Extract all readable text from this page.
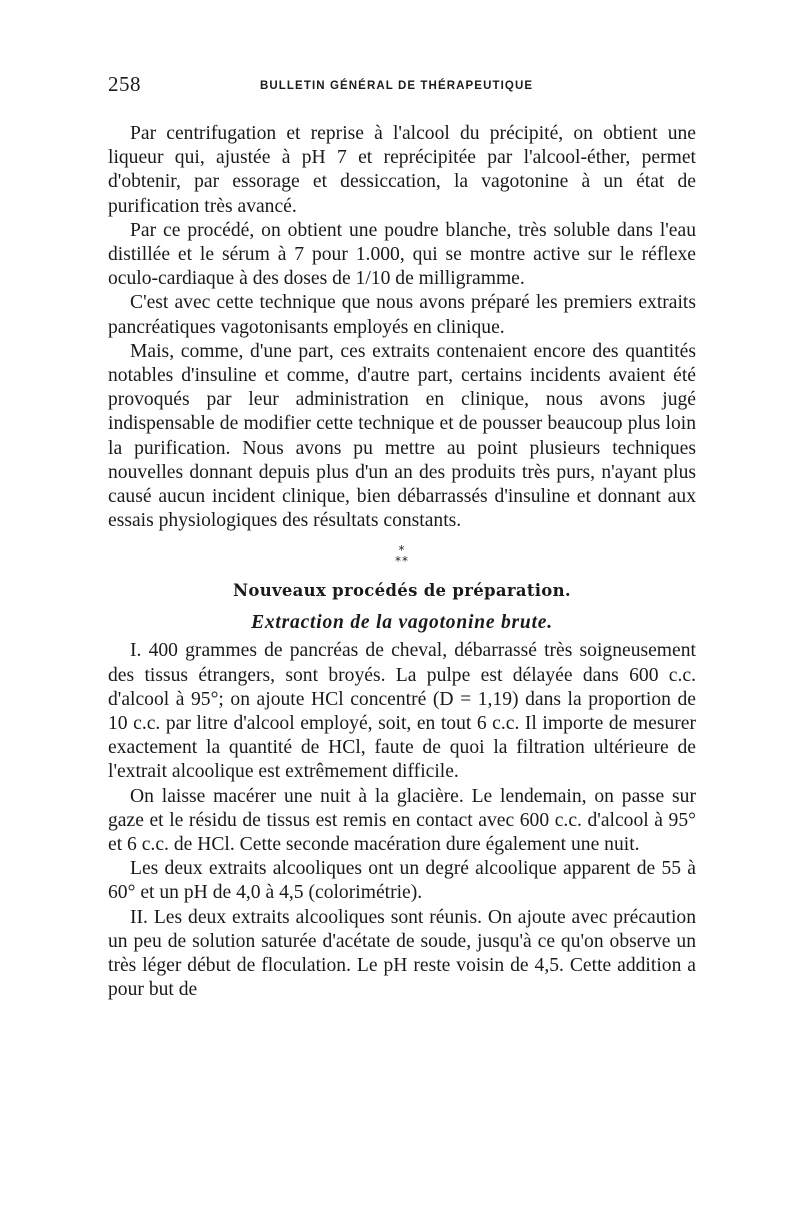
258	BULLETIN GÉNÉRAL DE THÉRAPEUTIQUE

Par centrifugation et reprise à l'alcool du précipité, on obtient une liqueur qui, ajustée à pH 7 et reprécipitée par l'alcool-éther, permet d'obtenir, par essorage et dessiccation, la vagotonine à un état de purification très avancé.

Par ce procédé, on obtient une poudre blanche, très soluble dans l'eau distillée et le sérum à 7 pour 1.000, qui se montre active sur le réflexe oculo-cardiaque à des doses de 1/10 de milligramme.

C'est avec cette technique que nous avons préparé les premiers extraits pancréatiques vagotonisants employés en clinique.

Mais, comme, d'une part, ces extraits contenaient encore des quantités notables d'insuline et comme, d'autre part, certains incidents avaient été provoqués par leur administration en clinique, nous avons jugé indispensable de modifier cette technique et de pousser beaucoup plus loin la purification. Nous avons pu mettre au point plusieurs techniques nouvelles donnant depuis plus d'un an des produits très purs, n'ayant plus causé aucun incident clinique, bien débarrassés d'insuline et donnant aux essais physiologiques des résultats constants.

*
**
Nouveaux procédés de préparation.
Extraction de la vagotonine brute.

I. 400 grammes de pancréas de cheval, débarrassé très soigneusement des tissus étrangers, sont broyés. La pulpe est délayée dans 600 c.c. d'alcool à 95°; on ajoute HCl concentré (D = 1,19) dans la proportion de 10 c.c. par litre d'alcool employé, soit, en tout 6 c.c. Il importe de mesurer exactement la quantité de HCl, faute de quoi la filtration ultérieure de l'extrait alcoolique est extrêmement difficile.

On laisse macérer une nuit à la glacière. Le lendemain, on passe sur gaze et le résidu de tissus est remis en contact avec 600 c.c. d'alcool à 95° et 6 c.c. de HCl. Cette seconde macération dure également une nuit.

Les deux extraits alcooliques ont un degré alcoolique apparent de 55 à 60° et un pH de 4,0 à 4,5 (colorimétrie).

II. Les deux extraits alcooliques sont réunis. On ajoute avec précaution un peu de solution saturée d'acétate de soude, jusqu'à ce qu'on observe un très léger début de floculation. Le pH reste voisin de 4,5. Cette addition a pour but de
